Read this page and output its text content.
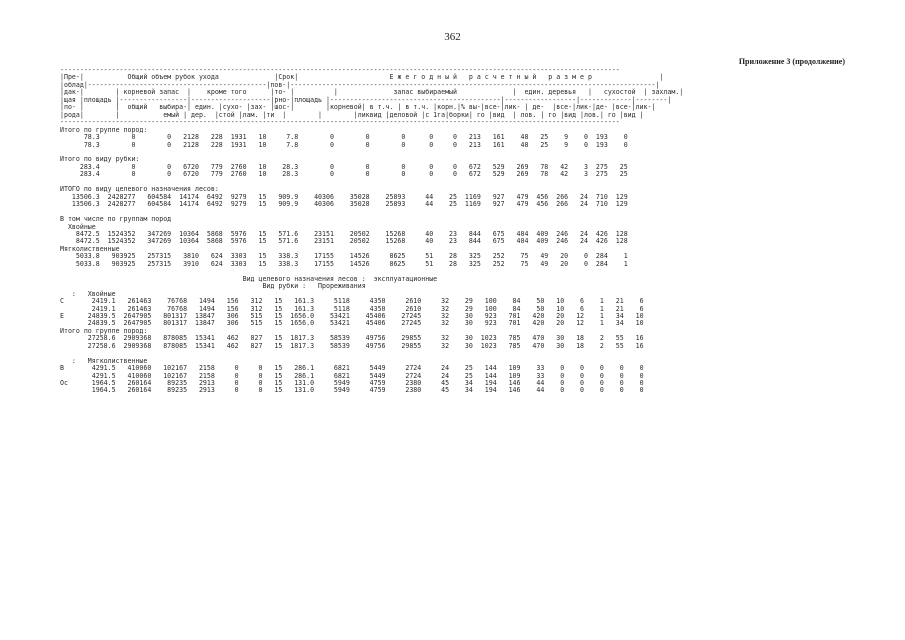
362
Приложение 3 (продолжение)
---------------------------------------------------------------------------------------------------------------------------------------------
|Пре-|           Общий объем рубок ухода              |Срок|                       Е ж е г о д н ы й   р а с ч е т н ы й   р а з м е р                 |
|облад|---------------------------------------------|пов-|--------------------------------------------------------------------------------------------|
|дак-|        | корневой запас  |    кроме того      |то- |          |              запас выбираемый              |  един. деревья   |   сухостой  | захлам.|
|щая |площадь |-----------------|--------------------|рно-|площадь |-------------------------------------------|------------------|-------------|--------|
|по- |        |  общий   выбира-| един. |сухо- |зах- |шос-|        |корневой| в т.ч. | в т.ч. |корн.|% вы-|все-|лик- | де-  |все-|лик-|де- |все-|лик-|
|рода|        |           емый | дер.  |стой |лам. |ти  |        |        |ликвид |деловой |с 1га|борки| го |вид  | лов. | го |вид |лов.| го |вид |
---------------------------------------------------------------------------------------------------------------------------------------------
Итого по группе пород:
78.3        0        0   2128   228  1931   10     7.8        0        0        0      0     0   213   161    48   25    9    0  193    0
78.3        0        0   2128   228  1931   10     7.8        0        0        0      0     0   213   161    48   25    9    0  193    0

Итого по виду рубки:
283.4        0        0   6720   779  2760   10    28.3        0        0        0      0     0   672   529   269   78   42    3  275   25
283.4        0        0   6720   779  2760   10    28.3        0        0        0      0     0   672   529   269   78   42    3  275   25

ИТОГО по виду целевого назначения лесов:
13506.3  2428277   604584  14174  6492  9279   15   909.9    40306    35028    25893     44    25  1169   927   479  456  266   24  710  129
13506.3  2428277   604584  14174  6492  9279   15   909.9    40306    35028    25893     44    25  1169   927   479  456  266   24  710  129

В том числе по группам пород
Хвойные
8472.5  1524352   347269  10364  5868  5976   15   571.6    23151    20502    15268     40    23   844   675   404  409  246   24  426  128
8472.5  1524352   347269  10364  5868  5976   15   571.6    23151    20502    15268     40    23   844   675   404  409  246   24  426  128
Мягколиственные
5033.8   903925   257315   3810   624  3303   15   338.3    17155    14526     8625     51    28   325   252    75   49   20    0  284    1
5033.8   903925   257315   3910   624  3303   15   338.3    17155    14526     8625     51    28   325   252    75   49   20    0  284    1

Вид целевого назначения лесов :  эксплуатационные
Вид рубки :   Прореживания
:   Хвойные
С       2419.1   261463    76768   1494   156   312   15   161.3     5118     4350     2610     32    29   100    84    50   10    6    1   21    6
2419.1   261463    76768   1494   156   312   15   161.3     5118     4350     2610     32    29   100    84    50   10    6    1   21    6
Е      24839.5  2647905   801317  13847   306   515   15  1656.0    53421    45406    27245     32    30   923   701   420   20   12    1   34   10
24839.5  2647905   801317  13847   306   515   15  1656.0    53421    45406    27245     32    30   923   701   420   20   12    1   34   10
Итого по группе пород:
27258.6  2909368   878085  15341   462   827   15  1817.3    58539    49756    29855     32    30  1023   785   470   30   18    2   55   16
27258.6  2909368   878085  15341   462   827   15  1817.3    58539    49756    29855     32    30  1023   785   470   30   18    2   55   16

:   Мягколиственные
В       4291.5   410060   102167   2158     0     0   15   286.1     6821     5449     2724     24    25   144   109    33    0    0    0    0    0
4291.5   410060   102167   2158     0     0   15   286.1     6821     5449     2724     24    25   144   109    33    0    0    0    0    0
Ос      1964.5   260164    89235   2913     0     0   15   131.0     5949     4759     2380     45    34   194   146    44    0    0    0    0    0
1964.5   260164    89235   2913     0     0   15   131.0     5949     4759     2380     45    34   194   146    44    0    0    0    0    0
